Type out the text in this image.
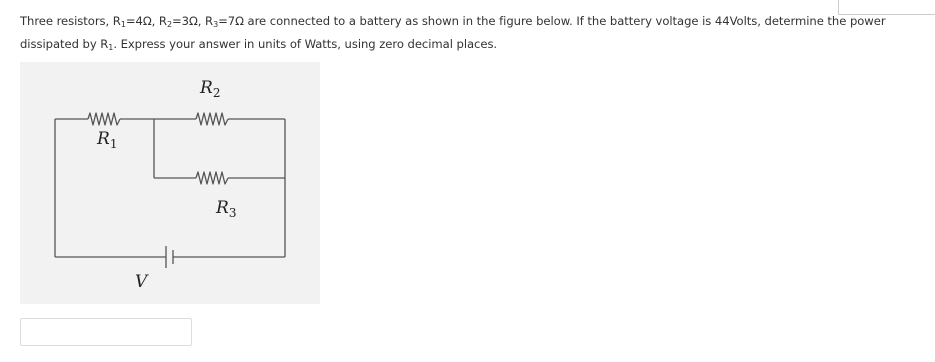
Three resistors, $R_1=4\Omega$, $R_2=3\Omega$, $R_3=7\Omega$ are connected to a battery as shown in the figure below. If the battery voltage is 44Volts, determine the power dissipated by $R_1$. Express your answer in units of Watts, using zero decimal places.
$R_2$
$R_1$
$R_3$
V
